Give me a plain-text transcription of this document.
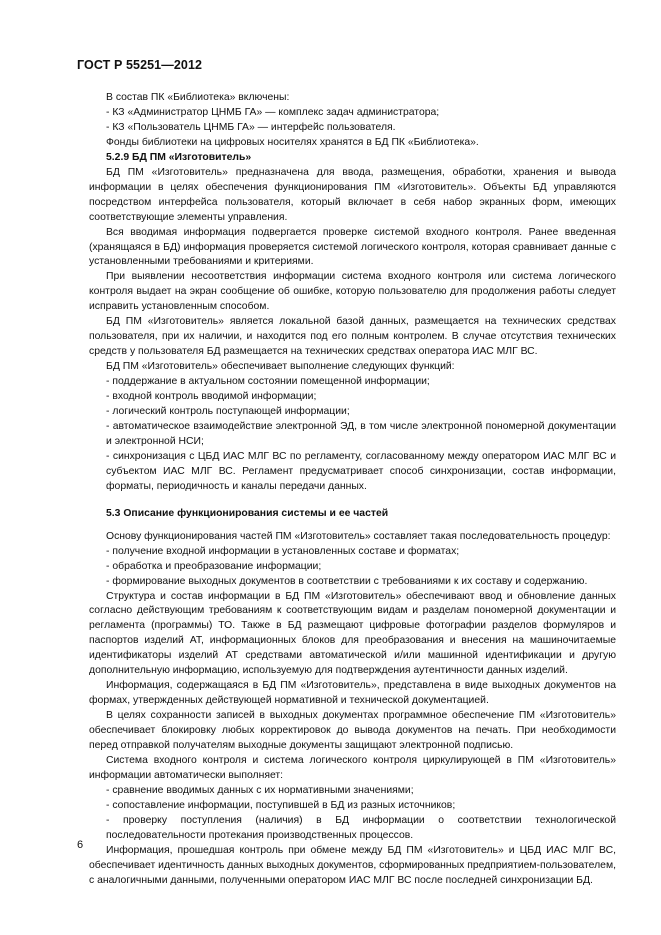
ГОСТ Р 55251—2012

В состав ПК «Библиотека» включены:

- КЗ «Администратор ЦНМБ ГА» — комплекс задач администратора;

- КЗ «Пользователь ЦНМБ ГА» — интерфейс пользователя.

Фонды библиотеки на цифровых носителях хранятся в БД ПК «Библиотека».

5.2.9 БД ПМ «Изготовитель»

БД ПМ «Изготовитель» предназначена для ввода, размещения, обработки, хранения и вывода информации в целях обеспечения функционирования ПМ «Изготовитель». Объекты БД управляются посредством интерфейса пользователя, который включает в себя набор экранных форм, имеющих соответствующие элементы управления.

Вся вводимая информация подвергается проверке системой входного контроля. Ранее введенная (хранящаяся в БД) информация проверяется системой логического контроля, которая сравнивает данные с установленными требованиями и критериями.

При выявлении несоответствия информации система входного контроля или система логического контроля выдает на экран сообщение об ошибке, которую пользователю для продолжения работы следует исправить установленным способом.

БД ПМ «Изготовитель» является локальной базой данных, размещается на технических средствах пользователя, при их наличии, и находится под его полным контролем. В случае отсутствия технических средств у пользователя БД размещается на технических средствах оператора ИАС МЛГ ВС.

БД ПМ «Изготовитель» обеспечивает выполнение следующих функций:

- поддержание в актуальном состоянии помещенной информации;

- входной контроль вводимой информации;

- логический контроль поступающей информации;

- автоматическое взаимодействие электронной ЭД, в том числе электронной пономерной документации и электронной НСИ;

- синхронизация с ЦБД ИАС МЛГ ВС по регламенту, согласованному между оператором ИАС МЛГ ВС и субъектом ИАС МЛГ ВС. Регламент предусматривает способ синхронизации, состав информации, форматы, периодичность и каналы передачи данных.

5.3 Описание функционирования системы и ее частей

Основу функционирования частей ПМ «Изготовитель» составляет такая последовательность процедур:

- получение входной информации в установленных составе и форматах;

- обработка и преобразование информации;

- формирование выходных документов в соответствии с требованиями к их составу и содержанию.

Структура и состав информации в БД ПМ «Изготовитель» обеспечивают ввод и обновление данных согласно действующим требованиям к соответствующим видам и разделам пономерной документации и регламента (программы) ТО. Также в БД размещают цифровые фотографии разделов формуляров и паспортов изделий АТ, информационных блоков для преобразования и внесения на машиночитаемые идентификаторы изделий АТ средствами автоматической и/или машинной идентификации и другую дополнительную информацию, используемую для подтверждения аутентичности данных изделий.

Информация, содержащаяся в БД ПМ «Изготовитель», представлена в виде выходных документов на формах, утвержденных действующей нормативной и технической документацией.

В целях сохранности записей в выходных документах программное обеспечение ПМ «Изготовитель» обеспечивает блокировку любых корректировок до вывода документов на печать. При необходимости перед отправкой получателям выходные документы защищают электронной подписью.

Система входного контроля и система логического контроля циркулирующей в ПМ «Изготовитель» информации автоматически выполняет:

- сравнение вводимых данных с их нормативными значениями;

- сопоставление информации, поступившей в БД из разных источников;

- проверку поступления (наличия) в БД информации о соответствии технологической последовательности протекания производственных процессов.

Информация, прошедшая контроль при обмене между БД ПМ «Изготовитель» и ЦБД ИАС МЛГ ВС, обеспечивает идентичность данных выходных документов, сформированных предприятием-пользователем, с аналогичными данными, полученными оператором ИАС МЛГ ВС после последней синхронизации БД.

6
